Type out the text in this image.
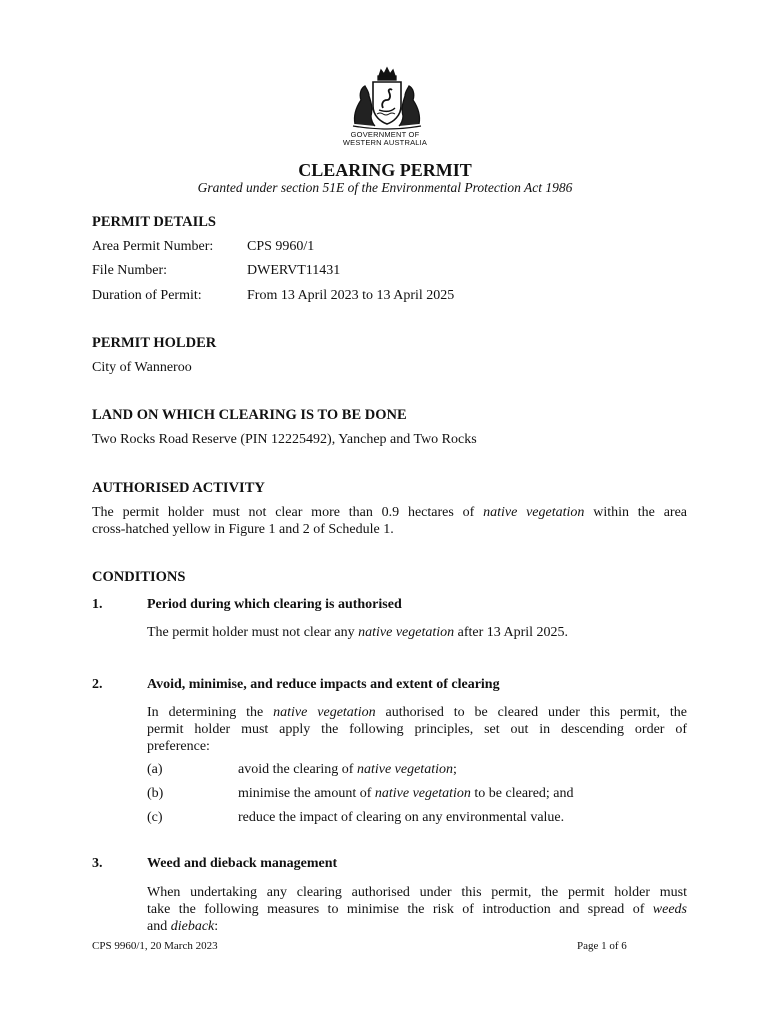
GOVERNMENT OF
WESTERN AUSTRALIA
CLEARING PERMIT
Granted under section 51E of the Environmental Protection Act 1986
PERMIT DETAILS
Area Permit Number: CPS 9960/1
File Number:	DWERVT11431
Duration of Permit:	From 13 April 2023 to 13 April 2025
PERMIT HOLDER
City of Wanneroo
LAND ON WHICH CLEARING IS TO BE DONE
Two Rocks Road Reserve (PIN 12225492), Yanchep and Two Rocks
AUTHORISED ACTIVITY
The permit holder must not clear more than 0.9 hectares of native vegetation within the area
cross-hatched yellow in Figure 1 and 2 of Schedule 1.
CONDITIONS
1.	Period during which clearing is authorised
The permit holder must not clear any native vegetation after 13 April 2025.
2.	Avoid, minimise, and reduce impacts and extent of clearing
In determining the native vegetation authorised to be cleared under this permit, the
permit holder must apply the following principles, set out in descending order of
preference:
(a)	avoid the clearing of native vegetation;
(b)	minimise the amount of native vegetation to be cleared; and
(c)	reduce the impact of clearing on any environmental value.
3.	Weed and dieback management
When undertaking any clearing authorised under this permit, the permit holder must
take the following measures to minimise the risk of introduction and spread of weeds
and dieback:
CPS 9960/1, 20 March 2023	Page 1 of 6
